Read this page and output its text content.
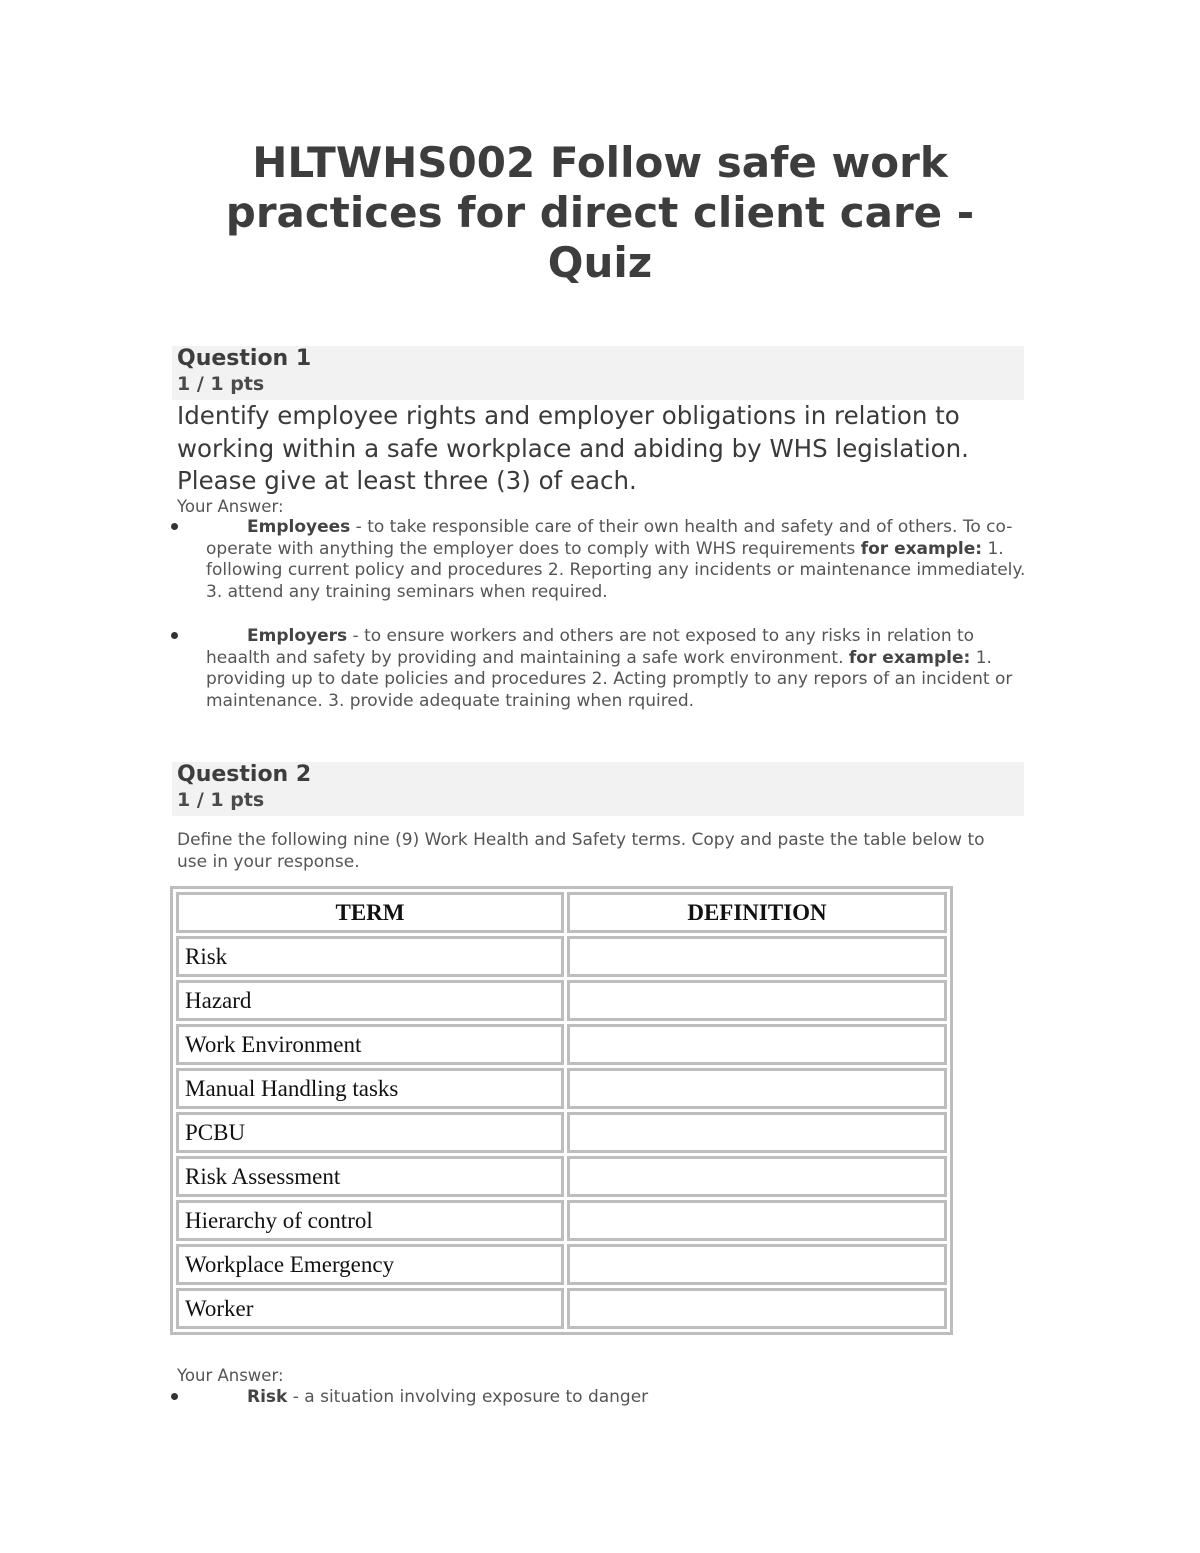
HLTWHS002 Follow safe work
practices for direct client care -
Quiz
Question 1
1 / 1 pts

Identify employee rights and employer obligations in relation to working within a safe workplace and abiding by WHS legislation. Please give at least three (3) of each.

Your Answer:
Employees - to take responsible care of their own health and safety and of others. To co-operate with anything the employer does to comply with WHS requirements for example: 1. following current policy and procedures 2. Reporting any incidents or maintenance immediately. 3. attend any training seminars when required.
Employers - to ensure workers and others are not exposed to any risks in relation to heaalth and safety by providing and maintaining a safe work environment. for example: 1. providing up to date policies and procedures 2. Acting promptly to any repors of an incident or maintenance. 3. provide adequate training when rquired.
Question 2
1 / 1 pts

Define the following nine (9) Work Health and Safety terms. Copy and paste the table below to use in your response.

TERM	DEFINITION
Risk	
Hazard	
Work Environment	
Manual Handling tasks	
PCBU	
Risk Assessment	
Hierarchy of control	
Workplace Emergency	
Worker	
Your Answer:
Risk - a situation involving exposure to danger
